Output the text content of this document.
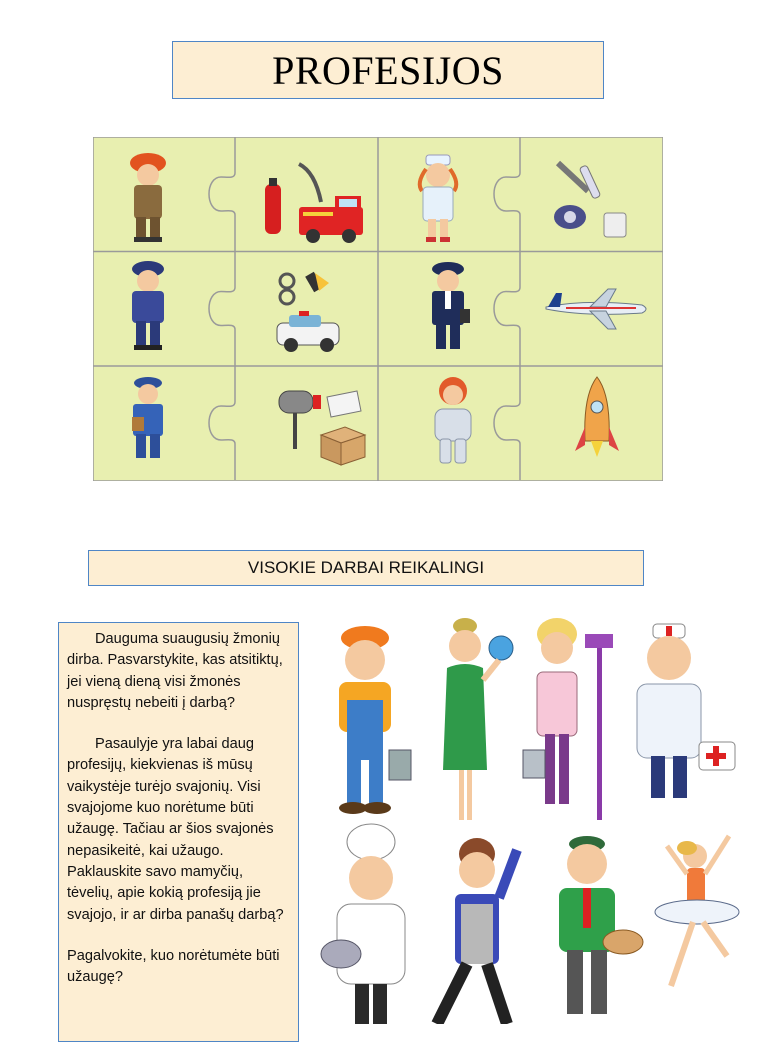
PROFESIJOS
VISOKIE DARBAI REIKALINGI

Dauguma suaugusių žmonių dirba. Pasvarstykite, kas atsitiktų, jei vieną dieną visi žmonės nuspręstų nebeiti į darbą?

Pasaulyje yra labai daug profesijų, kiekvienas iš mūsų vaikystėje turėjo svajonių. Visi svajojome kuo norėtume būti užaugę. Tačiau ar šios svajonės nepasikeitė, kai užaugo. Paklauskite savo mamyčių, tėvelių, apie kokią profesiją jie svajojo, ir ar dirba panašų darbą?

Pagalvokite, kuo norėtumėte būti užaugę?
